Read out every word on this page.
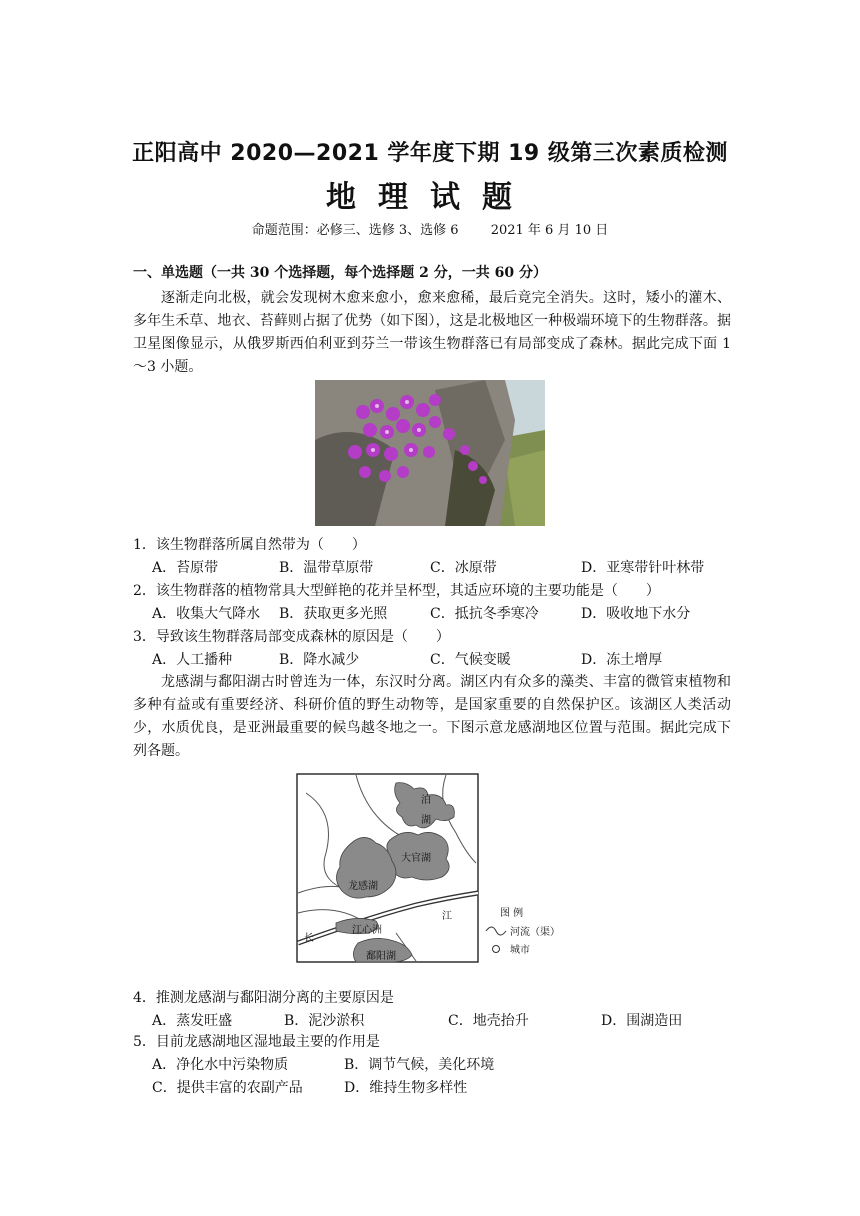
正阳高中 2020—2021 学年度下期 19 级第三次素质检测
地理试题
命题范围：必修三、选修 3、选修 6 2021 年 6 月 10 日
一、单选题（一共 30 个选择题，每个选择题 2 分，一共 60 分）

逐渐走向北极，就会发现树木愈来愈小，愈来愈稀，最后竟完全消失。这时，矮小的灌木、多年生禾草、地衣、苔藓则占据了优势（如下图），这是北极地区一种极端环境下的生物群落。据卫星图像显示，从俄罗斯西伯利亚到芬兰一带该生物群落已有局部变成了森林。据此完成下面 1～3 小题。

1．该生物群落所属自然带为（　　）
A．苔原带	B．温带草原带	C．冰原带	D．亚寒带针叶林带
2．该生物群落的植物常具大型鲜艳的花并呈杯型，其适应环境的主要功能是（　　）
A．收集大气降水 B．获取更多光照	C．抵抗冬季寒冷	D．吸收地下水分
3．导致该生物群落局部变成森林的原因是（　　）
A．人工播种	B．降水减少	C．气候变暖	D．冻土增厚

龙感湖与鄱阳湖古时曾连为一体，东汉时分离。湖区内有众多的藻类、丰富的微管束植物和多种有益或有重要经济、科研价值的野生动物等，是国家重要的自然保护区。该湖区人类活动少，水质优良，是亚洲最重要的候鸟越冬地之一。下图示意龙感湖地区位置与范围。据此完成下列各题。

泊
湖
大官湖
龙感湖
江
长
江心洲
鄱阳湖
图 例
河流（渠）
城市
4．推测龙感湖与鄱阳湖分离的主要原因是
A．蒸发旺盛	B．泥沙淤积	C．地壳抬升	D．围湖造田
5．目前龙感湖地区湿地最主要的作用是
A．净化水中污染物质	B．调节气候，美化环境
C．提供丰富的农副产品	D．维持生物多样性
